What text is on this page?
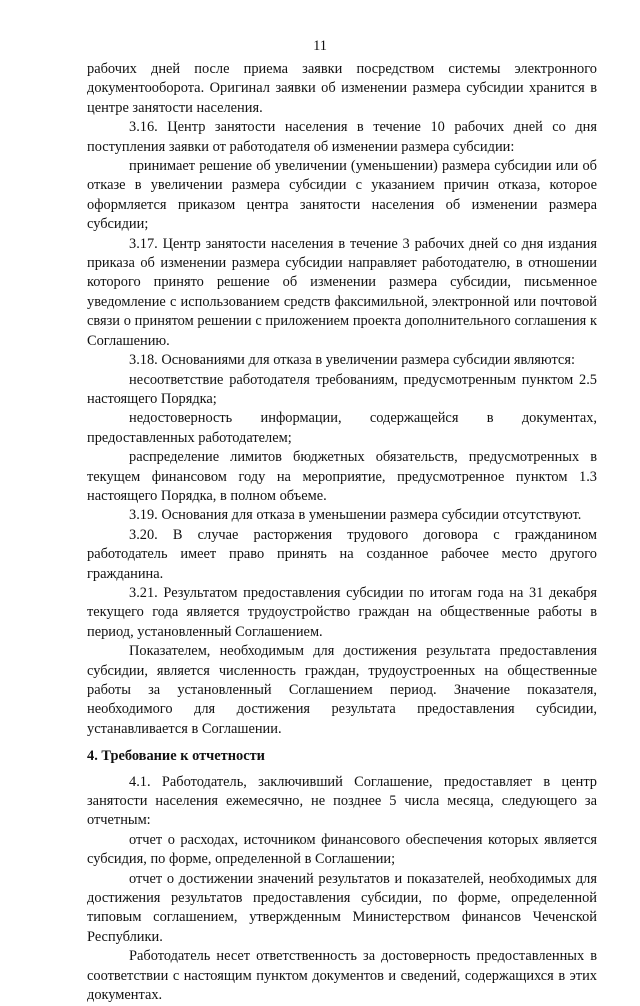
11

рабочих дней после приема заявки посредством системы электронного документооборота. Оригинал заявки об изменении размера субсидии хранится в центре занятости населения.

3.16. Центр занятости населения в течение 10 рабочих дней со дня поступления заявки от работодателя об изменении размера субсидии:

принимает решение об увеличении (уменьшении) размера субсидии или об отказе в увеличении размера субсидии с указанием причин отказа, которое оформляется приказом центра занятости населения об изменении размера субсидии;

3.17. Центр занятости населения в течение 3 рабочих дней со дня издания приказа об изменении размера субсидии направляет работодателю, в отношении которого принято решение об изменении размера субсидии, письменное уведомление с использованием средств факсимильной, электронной или почтовой связи о принятом решении с приложением проекта дополнительного соглашения к Соглашению.

3.18. Основаниями для отказа в увеличении размера субсидии являются:

несоответствие работодателя требованиям, предусмотренным пунктом 2.5 настоящего Порядка;

недостоверность информации, содержащейся в документах, предоставленных работодателем;

распределение лимитов бюджетных обязательств, предусмотренных в текущем финансовом году на мероприятие, предусмотренное пунктом 1.3 настоящего Порядка, в полном объеме.

3.19. Основания для отказа в уменьшении размера субсидии отсутствуют.

3.20. В случае расторжения трудового договора с гражданином работодатель имеет право принять на созданное рабочее место другого гражданина.

3.21. Результатом предоставления субсидии по итогам года на 31 декабря текущего года является трудоустройство граждан на общественные работы в период, установленный Соглашением.

Показателем, необходимым для достижения результата предоставления субсидии, является численность граждан, трудоустроенных на общественные работы за установленный Соглашением период. Значение показателя, необходимого для достижения результата предоставления субсидии, устанавливается в Соглашении.

4. Требование к отчетности

4.1. Работодатель, заключивший Соглашение, предоставляет в центр занятости населения ежемесячно, не позднее 5 числа месяца, следующего за отчетным:

отчет о расходах, источником финансового обеспечения которых является субсидия, по форме, определенной в Соглашении;

отчет о достижении значений результатов и показателей, необходимых для достижения результатов предоставления субсидии, по форме, определенной типовым соглашением, утвержденным Министерством финансов Чеченской Республики.

Работодатель несет ответственность за достоверность предоставленных в соответствии с настоящим пунктом документов и сведений, содержащихся в этих документах.
